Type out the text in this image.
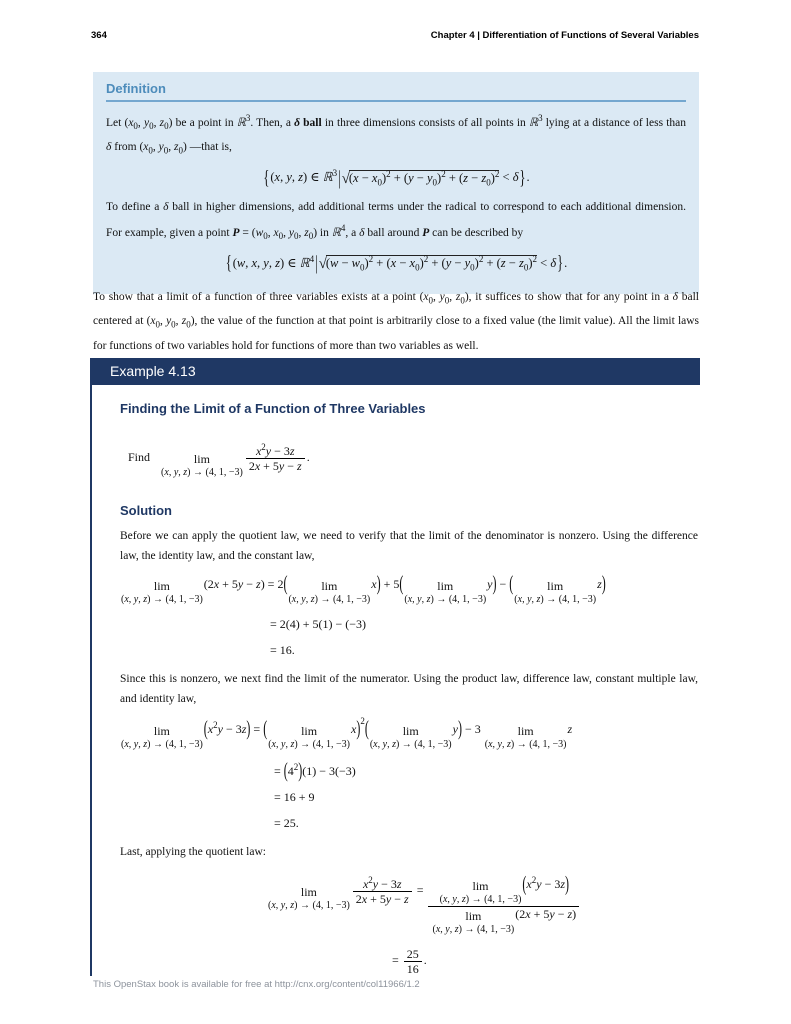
364	Chapter 4 | Differentiation of Functions of Several Variables
Definition

Let ($x_0$, $y_0$, $z_0$) be a point in ℝ$^3$. Then, a δ ball in three dimensions consists of all points in ℝ$^3$ lying at a distance of less than δ from ($x_0$, $y_0$, $z_0$) —that is,

{(x, y, z) ∈ ℝ$^3$|√(x − $x_0)^2 + (y - y_0)^2 + (z - z_0)^2 < \delta$}.

To define a δ ball in higher dimensions, add additional terms under the radical to correspond to each additional dimension. For example, given a point $P = (w_0$, $x_0$, $y_0$, $z_0$) in ℝ$^4$, a δ ball around P can be described by

{(w, x, y, z) ∈ ℝ$^4$|√(w − $w_0)^2 + (x - x_0)^2 + (y - y_0)^2 + (z - z_0)^2 < \delta$}.

To show that a limit of a function of three variables exists at a point ($x_0$, $y_0$, $z_0$), it suffices to show that for any point in a δ ball centered at ($x_0$, $y_0$, $z_0$), the value of the function at that point is arbitrarily close to a fixed value (the limit value). All the limit laws for functions of two variables hold for functions of more than two variables as well.

Example 4.13
Finding the Limit of a Function of Three Variables
Find	lim
(x, y, z) → (4, 1, $-3) \frac{x^2y - 3z}{2x + 5y - z}$ .
Solution

Before we can apply the quotient law, we need to verify that the limit of the denominator is nonzero. Using the difference law, the identity law, and the constant law,

lim
(x, y, z) → (4, 1, −3)
(2x + 5y − z) = 2(	lim
(x, y, z) → (4, 1, −3)
x) + 5(	lim
(x, y, z) → (4, 1, −3)
y) − (	lim
(x, y, z) → (4, 1, −3)
z)
= 2(4) + 5(1) − (−3)
= 16.

Since this is nonzero, we next find the limit of the numerator. Using the product law, difference law, constant multiple law, and identity law,

lim
(x, y, z) → (4, 1, −3)
$(x^2y - 3z)$ = (	lim
(x, y, z) → (4, 1, −3)
x)$^2$(	lim
(x, y, z) → (4, 1, −3)
y) − 3	lim
(x, y, z) → (4, 1, −3)
z
= $(4^2)(1) - 3(-3)$
= 16 + 9
= 25.

Last, applying the quotient law:

lim
(x, y, z) → (4, 1, $-3) \frac{x^2y - 3z}{2x + 5y - z} = \lim$
(x, y, z) → (4, 1, −3)
$(x^2y - 3z)$
lim
(x, y, z) → (4, 1, −3)
(2x + 5y − z)
= $\frac{25}{16}$ .
This OpenStax book is available for free at http://cnx.org/content/col11966/1.2
